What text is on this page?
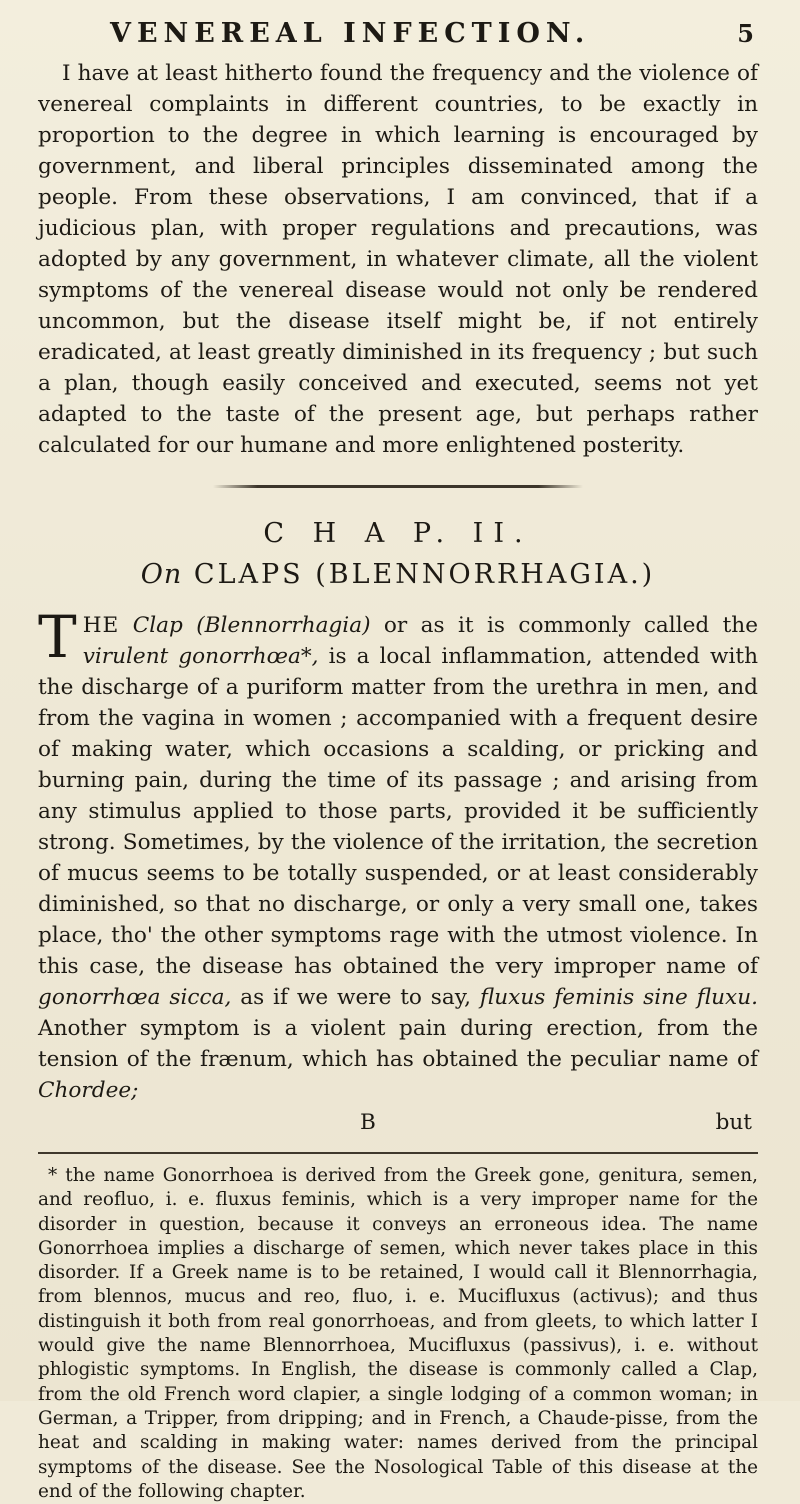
VENEREAL INFECTION.	5

I have at least hitherto found the frequency and the violence of venereal complaints in different countries, to be exactly in proportion to the degree in which learning is encouraged by government, and liberal principles disseminated among the people. From these observations, I am convinced, that if a judicious plan, with proper regulations and precautions, was adopted by any government, in whatever climate, all the violent symptoms of the venereal disease would not only be rendered uncommon, but the disease itself might be, if not entirely eradicated, at least greatly diminished in its frequency ; but such a plan, though easily conceived and executed, seems not yet adapted to the taste of the present age, but perhaps rather calculated for our humane and more enlightened posterity.

C H A P. II.
On CLAPS (BLENNORRHAGIA.)

THE Clap (Blennorrhagia) or as it is commonly called the virulent gonorrhœa*, is a local inflammation, attended with the discharge of a puriform matter from the urethra in men, and from the vagina in women ; accompanied with a frequent desire of making water, which occasions a scalding, or pricking and burning pain, during the time of its passage ; and arising from any stimulus applied to those parts, provided it be sufficiently strong. Sometimes, by the violence of the irritation, the secretion of mucus seems to be totally suspended, or at least considerably diminished, so that no discharge, or only a very small one, takes place, tho' the other symptoms rage with the utmost violence. In this case, the disease has obtained the very improper name of gonorrhœa sicca, as if we were to say, fluxus feminis sine fluxu. Another symptom is a violent pain during erection, from the tension of the frænum, which has obtained the peculiar name of Chordee;

B	but

* the name Gonorrhoea is derived from the Greek gone, genitura, semen, and reofluo, i. e. fluxus feminis, which is a very improper name for the disorder in question, because it conveys an erroneous idea. The name Gonorrhoea implies a discharge of semen, which never takes place in this disorder. If a Greek name is to be retained, I would call it Blennorrhagia, from blennos, mucus and reo, fluo, i. e. Mucifluxus (activus); and thus distinguish it both from real gonorrhoeas, and from gleets, to which latter I would give the name Blennorrhoea, Mucifluxus (passivus), i. e. without phlogistic symptoms. In English, the disease is commonly called a Clap, from the old French word clapier, a single lodging of a common woman; in German, a Tripper, from dripping; and in French, a Chaude-pisse, from the heat and scalding in making water: names derived from the principal symptoms of the disease. See the Nosological Table of this disease at the end of the following chapter.
